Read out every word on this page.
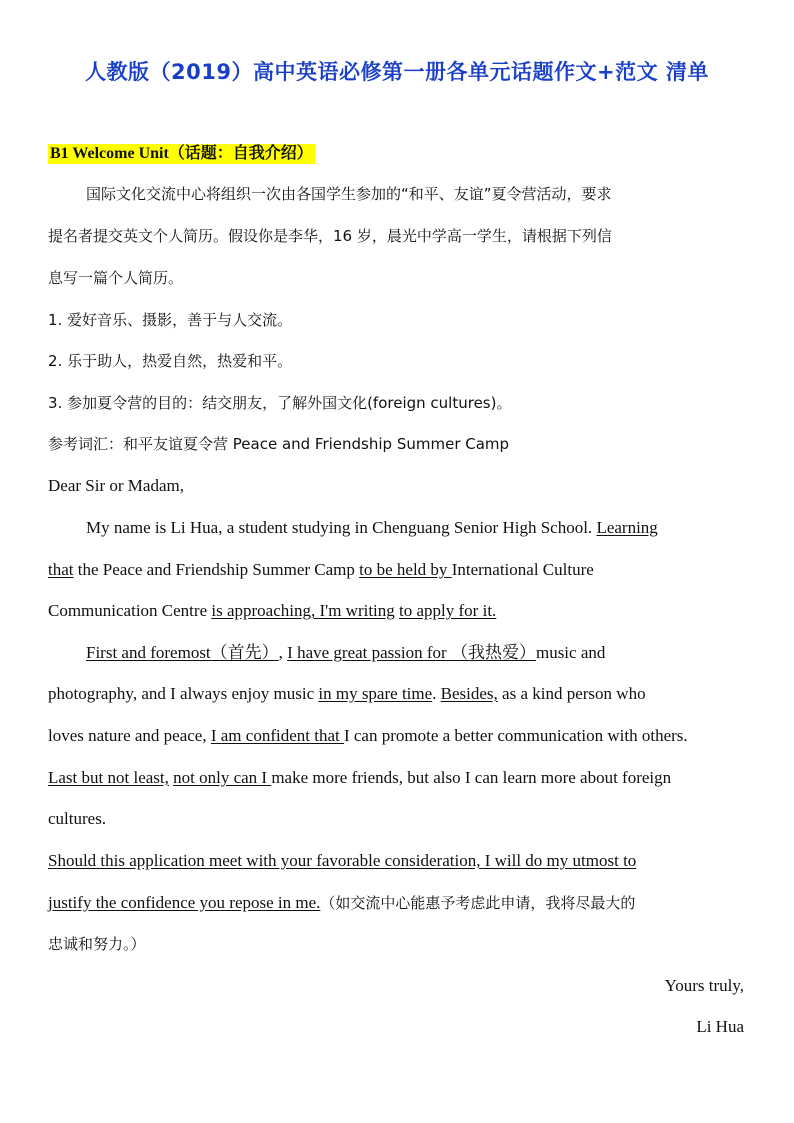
人教版（2019）高中英语必修第一册各单元话题作文+范文 清单
B1 Welcome Unit（话题：自我介绍）
国际文化交流中心将组织一次由各国学生参加的“和平、友谊”夏令营活动，要求
提名者提交英文个人简历。假设你是李华，16 岁，晨光中学高一学生，请根据下列信
息写一篇个人简历。
1. 爱好音乐、摄影，善于与人交流。
2. 乐于助人，热爱自然，热爱和平。
3. 参加夏令营的目的：结交朋友，了解外国文化(foreign cultures)。
参考词汇：和平友谊夏令营 Peace and Friendship Summer Camp
Dear Sir or Madam,
My name is Li Hua, a student studying in Chenguang Senior High School. Learning
that the Peace and Friendship Summer Camp to be held by International Culture
Communication Centre is approaching, I'm writing to apply for it.
First and foremost（首先）, I have great passion for （我热爱）music and
photography, and I always enjoy music in my spare time. Besides, as a kind person who
loves nature and peace, I am confident that I can promote a better communication with others.
Last but not least, not only can I make more friends, but also I can learn more about foreign
cultures.
Should this application meet with your favorable consideration, I will do my utmost to
justify the confidence you repose in me.（如交流中心能惠予考虑此申请，我将尽最大的
忠诚和努力。）
Yours truly,
Li Hua
